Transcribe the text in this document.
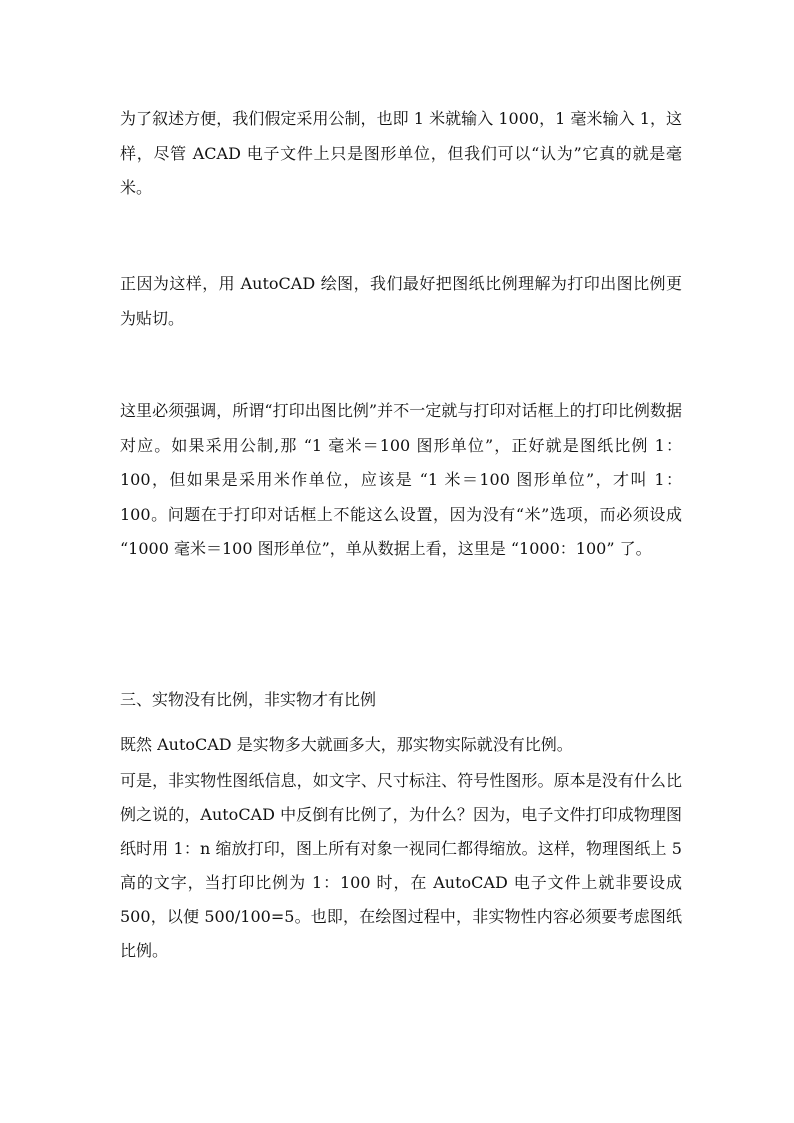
为了叙述方便，我们假定采用公制，也即 1 米就输入 1000，1 毫米输入 1，这样，尽管 ACAD 电子文件上只是图形单位，但我们可以“认为”它真的就是毫米。

正因为这样，用 AutoCAD 绘图，我们最好把图纸比例理解为打印出图比例更为贴切。

这里必须强调，所谓“打印出图比例”并不一定就与打印对话框上的打印比例数据对应。如果采用公制,那 “1 毫米＝100 图形单位”，正好就是图纸比例 1：100，但如果是采用米作单位，应该是 “1 米＝100 图形单位”，才叫 1：100。问题在于打印对话框上不能这么设置，因为没有“米”选项，而必须设成 “1000 毫米＝100 图形单位”，单从数据上看，这里是 “1000：100” 了。

三、实物没有比例，非实物才有比例

既然 AutoCAD 是实物多大就画多大，那实物实际就没有比例。

可是，非实物性图纸信息，如文字、尺寸标注、符号性图形。原本是没有什么比例之说的，AutoCAD 中反倒有比例了，为什么？因为，电子文件打印成物理图纸时用 1：n 缩放打印，图上所有对象一视同仁都得缩放。这样，物理图纸上 5 高的文字，当打印比例为 1：100 时，在 AutoCAD 电子文件上就非要设成 500，以便 500/100=5。也即，在绘图过程中，非实物性内容必须要考虑图纸比例。
